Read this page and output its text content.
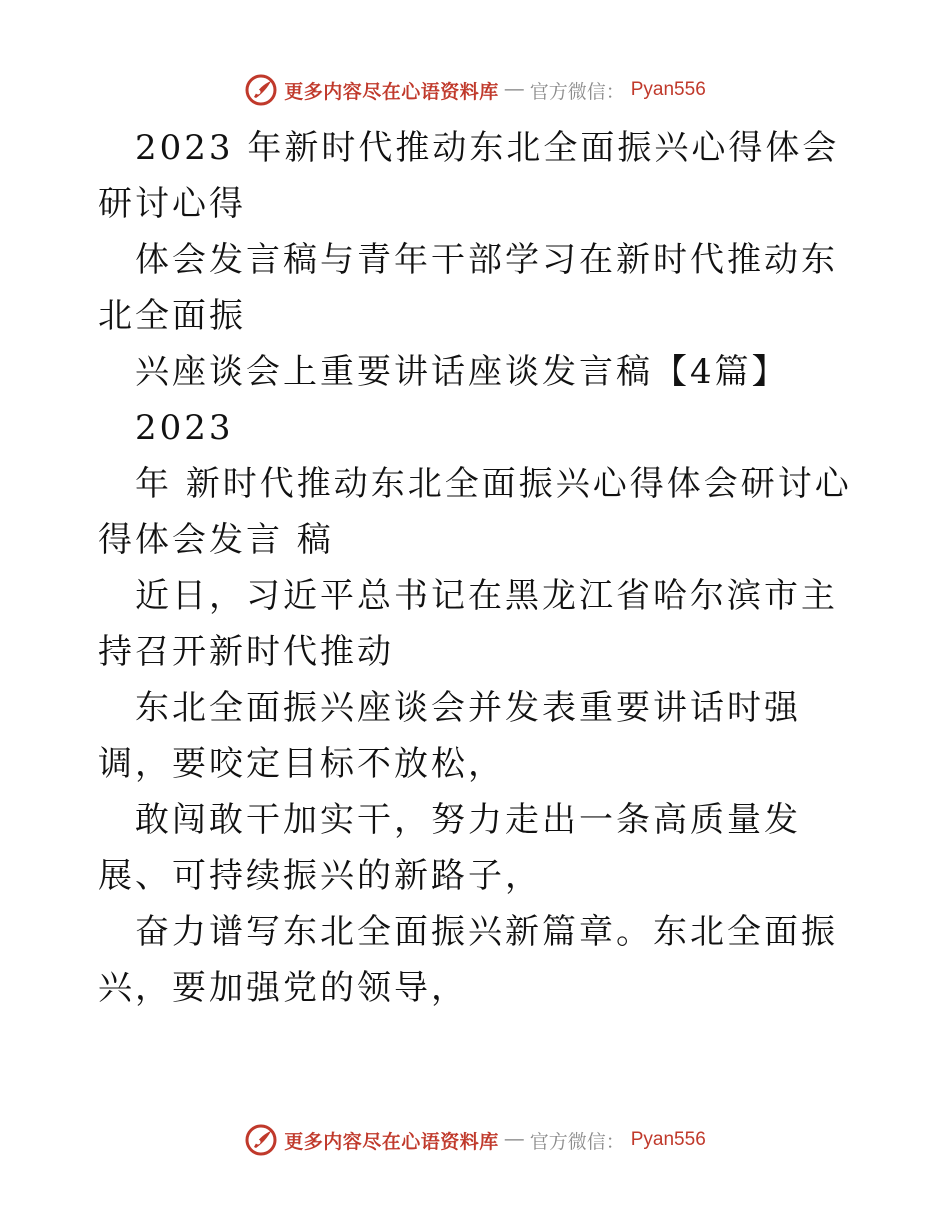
更多内容尽在心语资料库 — 官方微信： Pyan556

2023 年新时代推动东北全面振兴心得体会研讨心得

体会发言稿与青年干部学习在新时代推动东北全面振

兴座谈会上重要讲话座谈发言稿【4篇】

2023

年 新时代推动东北全面振兴心得体会研讨心得体会发言 稿

近日，习近平总书记在黑龙江省哈尔滨市主持召开新时代推动

东北全面振兴座谈会并发表重要讲话时强调，要咬定目标不放松，

敢闯敢干加实干，努力走出一条高质量发展、可持续振兴的新路子，

奋力谱写东北全面振兴新篇章。东北全面振兴，要加强党的领导，

更多内容尽在心语资料库 — 官方微信： Pyan556
